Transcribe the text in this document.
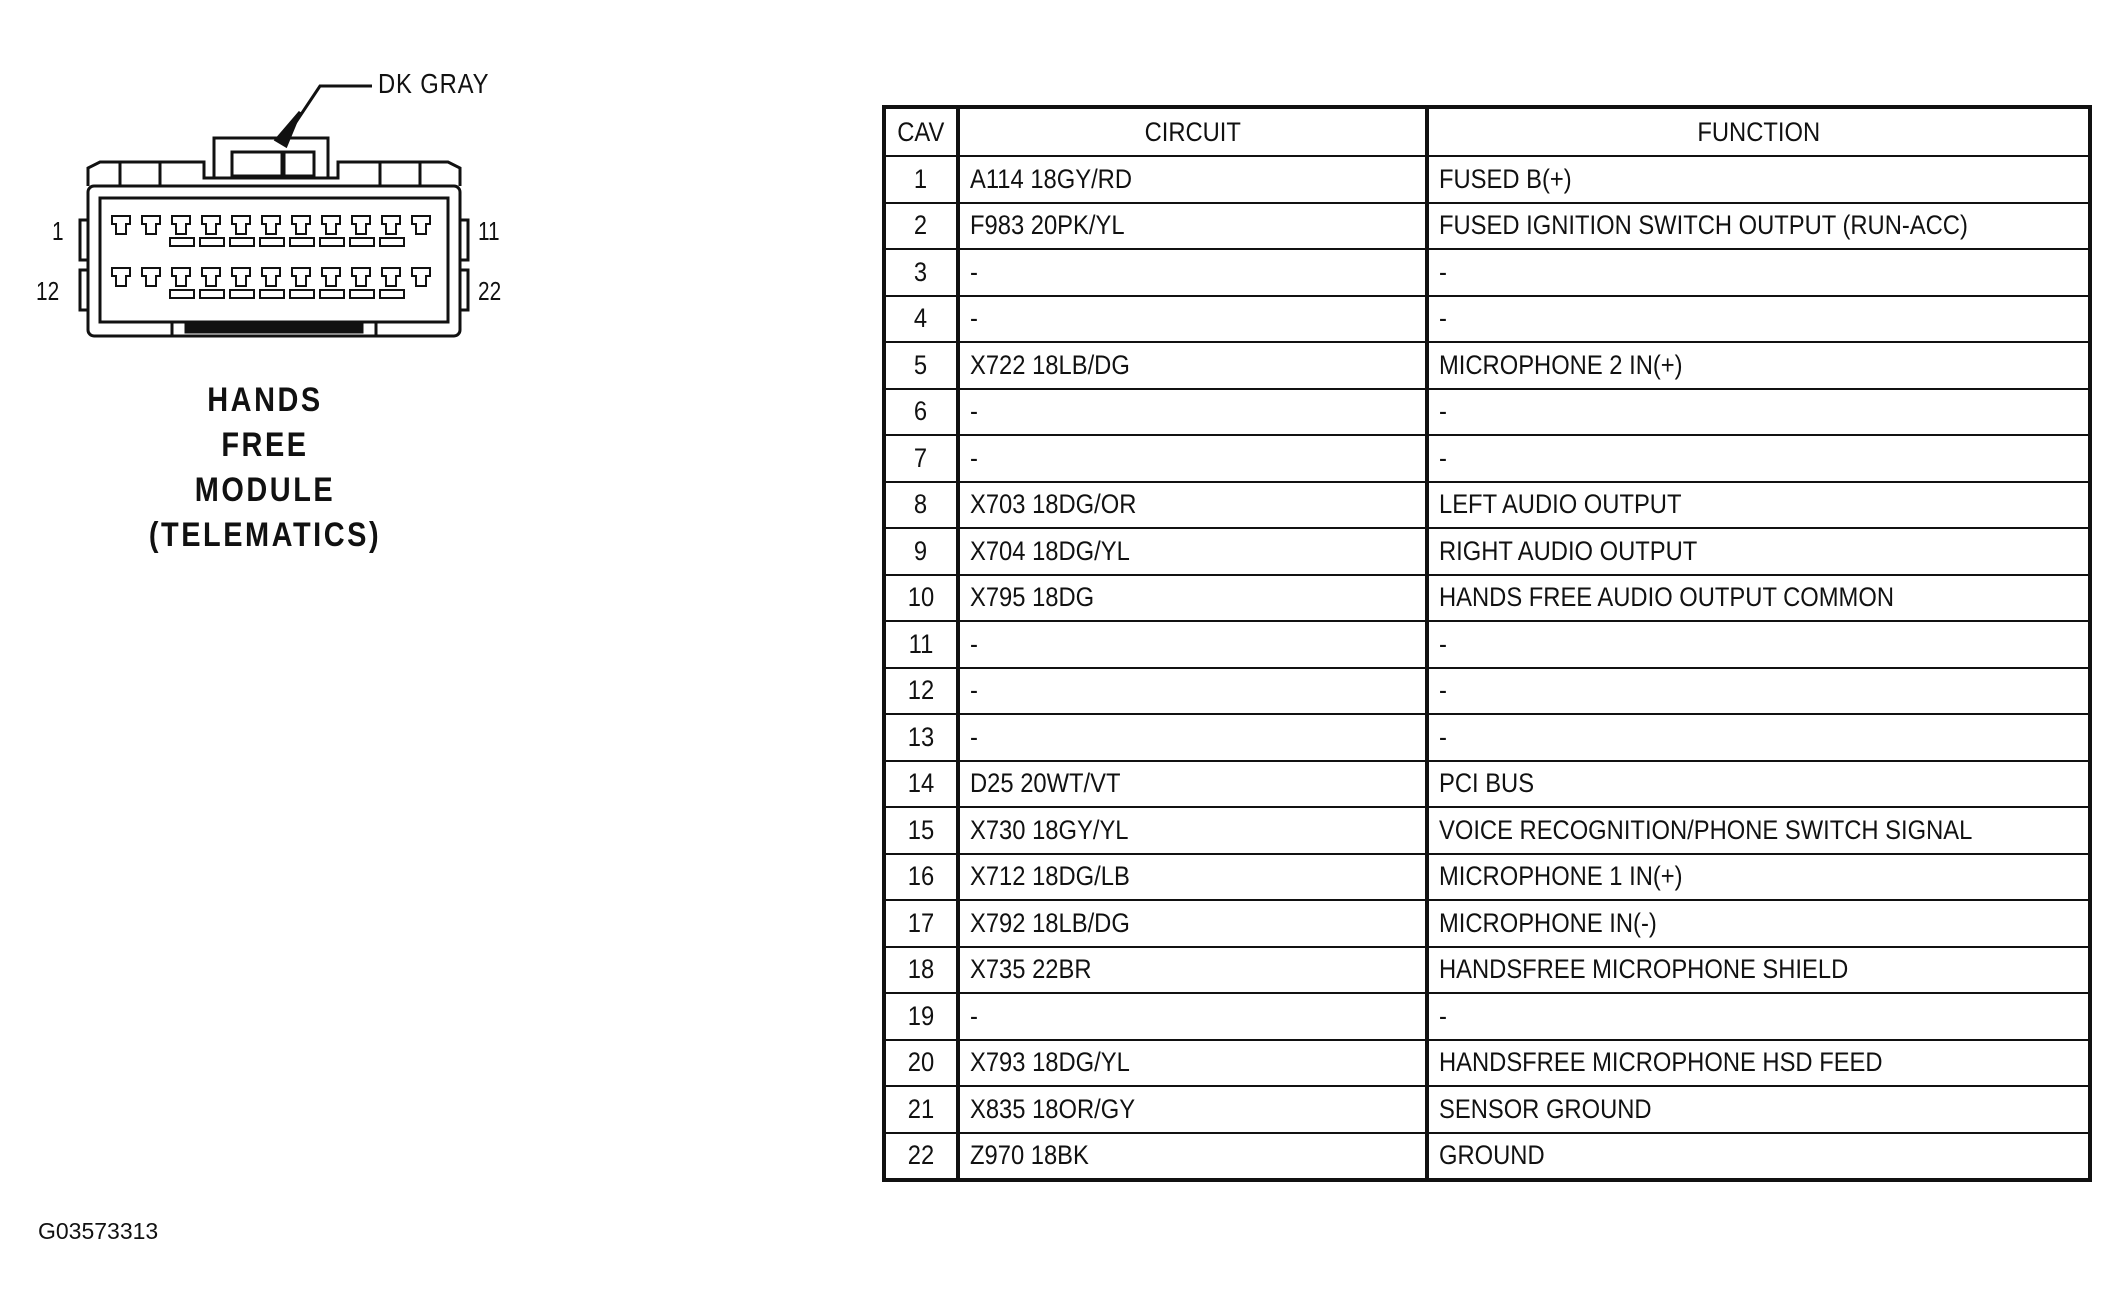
DK GRAY
1	11
12	22
HANDS
FREE
MODULE
(TELEMATICS)
CAV	CIRCUIT	FUNCTION
1	A114 18GY/RD	FUSED B(+)
2	F983 20PK/YL	FUSED IGNITION SWITCH OUTPUT (RUN-ACC)
3	-	-
4	-	-
5	X722 18LB/DG	MICROPHONE 2 IN(+)
6	-	-
7	-	-
8	X703 18DG/OR	LEFT AUDIO OUTPUT
9	X704 18DG/YL	RIGHT AUDIO OUTPUT
10	X795 18DG	HANDS FREE AUDIO OUTPUT COMMON
11	-	-
12	-	-
13	-	-
14	D25 20WT/VT	PCI BUS
15	X730 18GY/YL	VOICE RECOGNITION/PHONE SWITCH SIGNAL
16	X712 18DG/LB	MICROPHONE 1 IN(+)
17	X792 18LB/DG	MICROPHONE IN(-)
18	X735 22BR	HANDSFREE MICROPHONE SHIELD
19	-	-
20	X793 18DG/YL	HANDSFREE MICROPHONE HSD FEED
21	X835 18OR/GY	SENSOR GROUND
22	Z970 18BK	GROUND
G03573313
